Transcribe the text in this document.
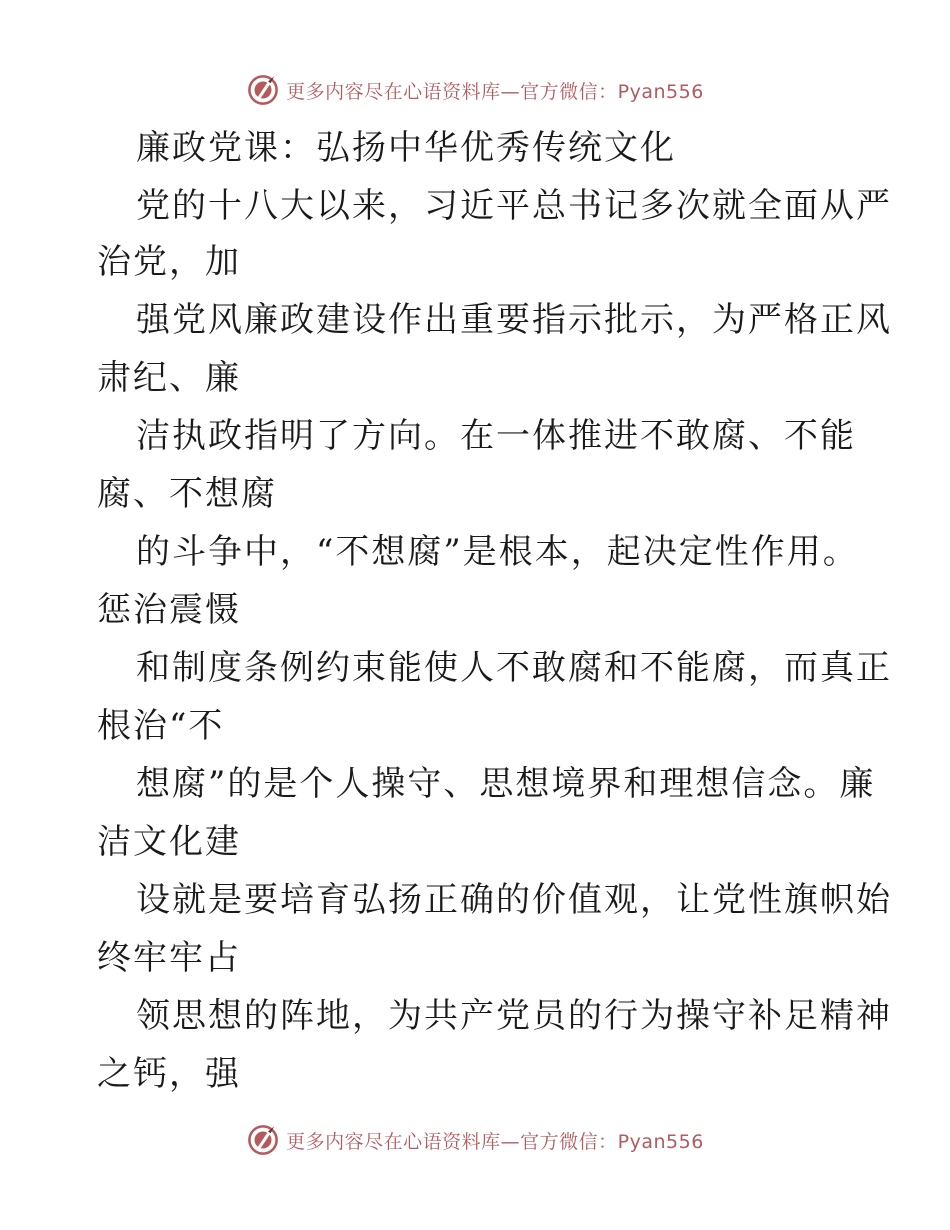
更多内容尽在心语资料库—官方微信：Pyan556
廉政党课：弘扬中华优秀传统文化
党的十八大以来，习近平总书记多次就全面从严
治党，加
强党风廉政建设作出重要指示批示，为严格正风
肃纪、廉
洁执政指明了方向。在一体推进不敢腐、不能
腐、不想腐
的斗争中，“不想腐”是根本，起决定性作用。
惩治震慑
和制度条例约束能使人不敢腐和不能腐，而真正
根治“不
想腐”的是个人操守、思想境界和理想信念。廉
洁文化建
设就是要培育弘扬正确的价值观，让党性旗帜始
终牢牢占
领思想的阵地，为共产党员的行为操守补足精神
之钙，强
更多内容尽在心语资料库—官方微信：Pyan556
